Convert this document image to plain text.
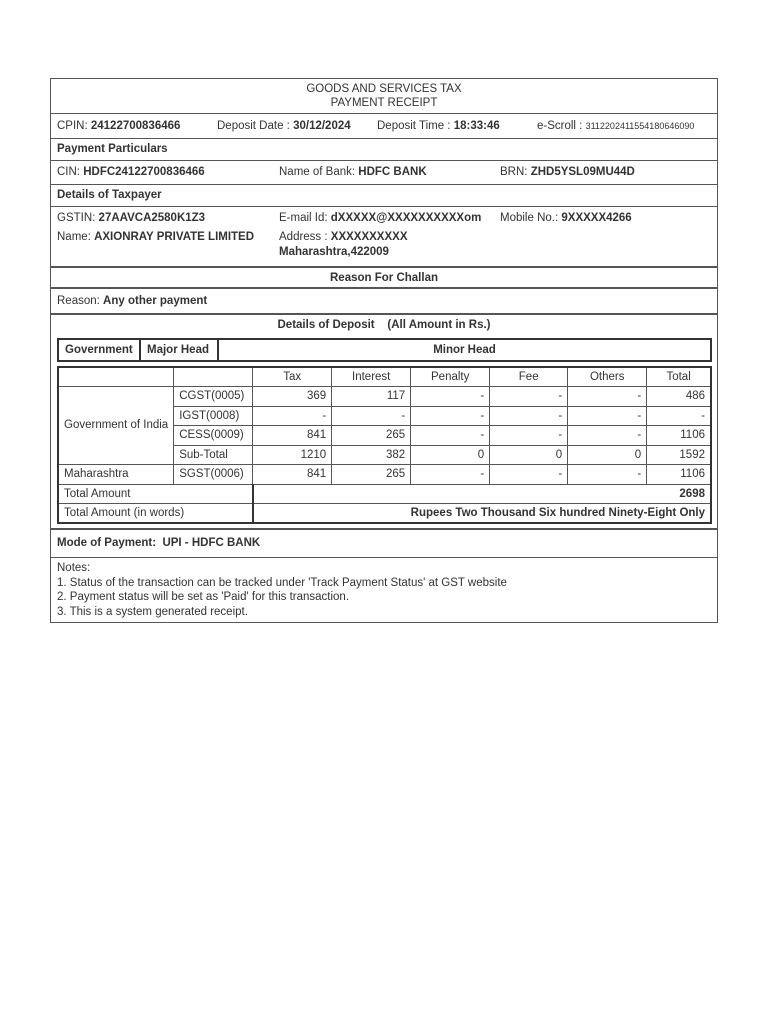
GOODS AND SERVICES TAX
PAYMENT RECEIPT
CPIN: 24122700836466	Deposit Date : 30/12/2024 Deposit Time : 18:33:46	e-Scroll : 31122024115541806460​90
Payment Particulars
CIN: HDFC24122700836466	Name of Bank: HDFC BANK	BRN: ZHD5YSL09MU44D
Details of Taxpayer
GSTIN: 27AAVCA2580K1Z3	E-mail Id: dXXXXX@XXXXXXXXXXom Mobile No.: 9XXXXX4266
Name: AXIONRAY PRIVATE LIMITED Address : XXXXXXXXXX
Maharashtra,422009
Reason For Challan
Reason: Any other payment
Details of Deposit (All Amount in Rs.)
Government	Major Head	Minor Head
		Tax	Interest	Penalty	Fee	Others	Total
Government of India	CGST(0005)	369	117	-	-	-	486
	IGST(0008)	-	-	-	-	-	-
	CESS(0009)	841	265	-	-	-	1106
	Sub-Total	1210	382	0	0	0	1592
Maharashtra	SGST(0006)	841	265	-	-	-	1106
Total Amount		2698					
Total Amount (in words)		Rupees Two Thousand Six hundred Ninety-Eight Only					
Mode of Payment: UPI - HDFC BANK
Notes:
1. Status of the transaction can be tracked under 'Track Payment Status' at GST website
2. Payment status will be set as 'Paid' for this transaction.
3. This is a system generated receipt.
